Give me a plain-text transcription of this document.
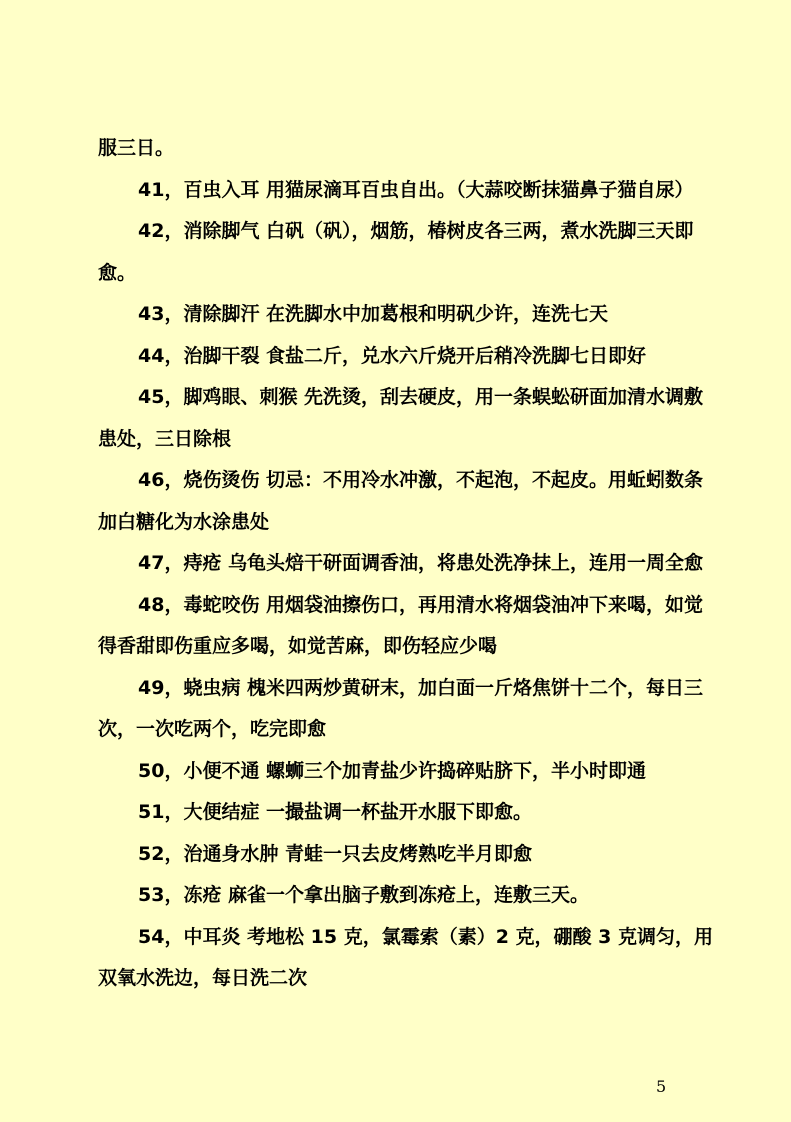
服三日。

41，百虫入耳 用猫尿滴耳百虫自出。（大蒜咬断抹猫鼻子猫自尿）

42，消除脚气 白矾（矾），烟筋，椿树皮各三两，煮水洗脚三天即

愈。

43，清除脚汗 在洗脚水中加葛根和明矾少许，连洗七天

44，治脚干裂 食盐二斤，兑水六斤烧开后稍冷洗脚七日即好

45，脚鸡眼、刺猴 先洗烫，刮去硬皮，用一条蜈蚣研面加清水调敷

患处，三日除根

46，烧伤烫伤 切忌：不用冷水冲激，不起泡，不起皮。用蚯蚓数条

加白糖化为水涂患处

47，痔疮 乌龟头焙干研面调香油，将患处洗净抹上，连用一周全愈

48，毒蛇咬伤 用烟袋油擦伤口，再用清水将烟袋油冲下来喝，如觉

得香甜即伤重应多喝，如觉苦麻，即伤轻应少喝

49，蛲虫病 槐米四两炒黄研末，加白面一斤烙焦饼十二个，每日三

次，一次吃两个，吃完即愈

50，小便不通 螺蛳三个加青盐少许捣碎贴脐下，半小时即通

51，大便结症 一撮盐调一杯盐开水服下即愈。

52，治通身水肿 青蛙一只去皮烤熟吃半月即愈

53，冻疮 麻雀一个拿出脑子敷到冻疮上，连敷三天。

54，中耳炎 考地松 15 克，氯霉索（素）2 克，硼酸 3 克调匀，用

双氧水洗边，每日洗二次

5
